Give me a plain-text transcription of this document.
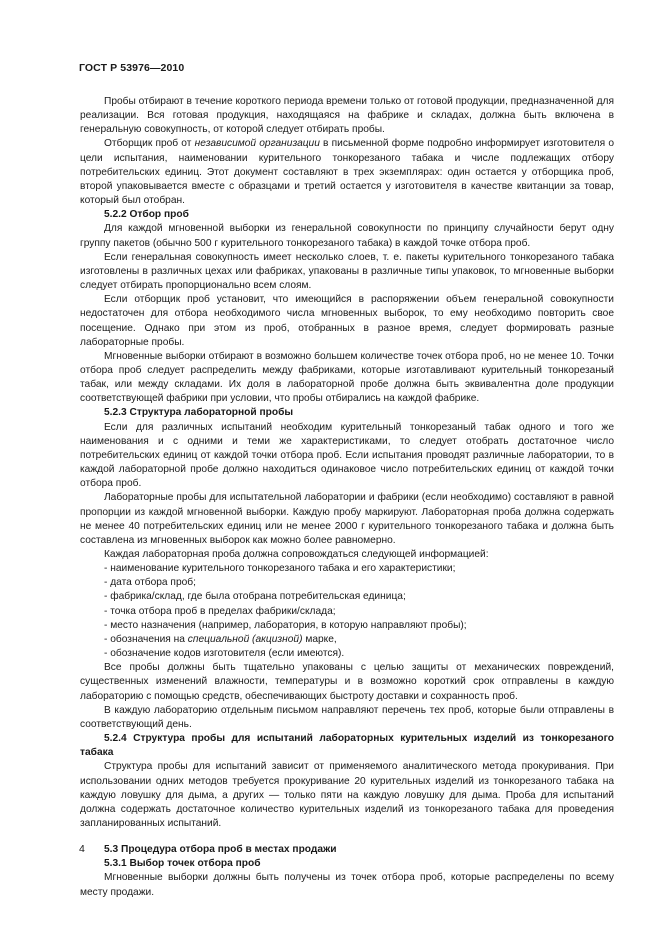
ГОСТ Р 53976—2010

Пробы отбирают в течение короткого периода времени только от готовой продукции, предназначенной для реализации. Вся готовая продукция, находящаяся на фабрике и складах, должна быть включена в генеральную совокупность, от которой следует отбирать пробы.

Отборщик проб от независимой организации в письменной форме подробно информирует изготовителя о цели испытания, наименовании курительного тонкорезаного табака и числе подлежащих отбору потребительских единиц. Этот документ составляют в трех экземплярах: один остается у отборщика проб, второй упаковывается вместе с образцами и третий остается у изготовителя в качестве квитанции за товар, который был отобран.

5.2.2 Отбор проб

Для каждой мгновенной выборки из генеральной совокупности по принципу случайности берут одну группу пакетов (обычно 500 г курительного тонкорезаного табака) в каждой точке отбора проб.

Если генеральная совокупность имеет несколько слоев, т. е. пакеты курительного тонкорезаного табака изготовлены в различных цехах или фабриках, упакованы в различные типы упаковок, то мгновенные выборки следует отбирать пропорционально всем слоям.

Если отборщик проб установит, что имеющийся в распоряжении объем генеральной совокупности недостаточен для отбора необходимого числа мгновенных выборок, то ему необходимо повторить свое посещение. Однако при этом из проб, отобранных в разное время, следует формировать разные лабораторные пробы.

Мгновенные выборки отбирают в возможно большем количестве точек отбора проб, но не менее 10. Точки отбора проб следует распределить между фабриками, которые изготавливают курительный тонкорезаный табак, или между складами. Их доля в лабораторной пробе должна быть эквивалентна доле продукции соответствующей фабрики при условии, что пробы отбирались на каждой фабрике.

5.2.3 Структура лабораторной пробы

Если для различных испытаний необходим курительный тонкорезаный табак одного и того же наименования и с одними и теми же характеристиками, то следует отобрать достаточное число потребительских единиц от каждой точки отбора проб. Если испытания проводят различные лаборатории, то в каждой лабораторной пробе должно находиться одинаковое число потребительских единиц от каждой точки отбора проб.

Лабораторные пробы для испытательной лаборатории и фабрики (если необходимо) составляют в равной пропорции из каждой мгновенной выборки. Каждую пробу маркируют. Лабораторная проба должна содержать не менее 40 потребительских единиц или не менее 2000 г курительного тонкорезаного табака и должна быть составлена из мгновенных выборок как можно более равномерно.

Каждая лабораторная проба должна сопровождаться следующей информацией:

- наименование курительного тонкорезаного табака и его характеристики;

- дата отбора проб;

- фабрика/склад, где была отобрана потребительская единица;

- точка отбора проб в пределах фабрики/склада;

- место назначения (например, лаборатория, в которую направляют пробы);

- обозначения на специальной (акцизной) марке,

- обозначение кодов изготовителя (если имеются).

Все пробы должны быть тщательно упакованы с целью защиты от механических повреждений, существенных изменений влажности, температуры и в возможно короткий срок отправлены в каждую лабораторию с помощью средств, обеспечивающих быстроту доставки и сохранность проб.

В каждую лабораторию отдельным письмом направляют перечень тех проб, которые были отправлены в соответствующий день.

5.2.4 Структура пробы для испытаний лабораторных курительных изделий из тонкорезаного табака

Структура пробы для испытаний зависит от применяемого аналитического метода прокуривания. При использовании одних методов требуется прокуривание 20 курительных изделий из тонкорезаного табака на каждую ловушку для дыма, а других — только пяти на каждую ловушку для дыма. Проба для испытаний должна содержать достаточное количество курительных изделий из тонкорезаного табака для проведения запланированных испытаний.

5.3 Процедура отбора проб в местах продажи

5.3.1 Выбор точек отбора проб

Мгновенные выборки должны быть получены из точек отбора проб, которые распределены по всему месту продажи.

4
